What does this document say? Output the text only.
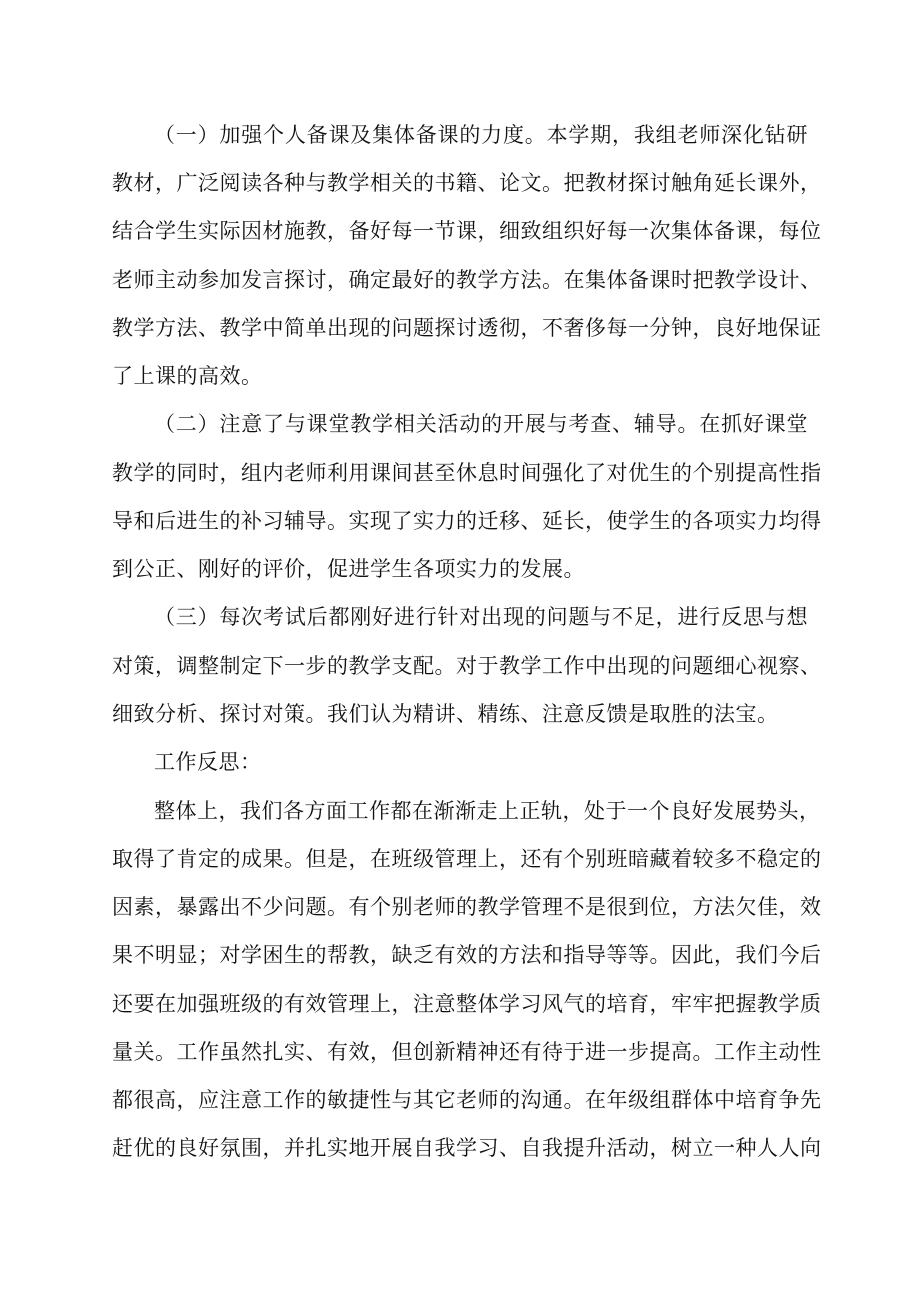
（一）加强个人备课及集体备课的力度。本学期，我组老师深化钻研
教材，广泛阅读各种与教学相关的书籍、论文。把教材探讨触角延长课外，
结合学生实际因材施教，备好每一节课，细致组织好每一次集体备课，每位
老师主动参加发言探讨，确定最好的教学方法。在集体备课时把教学设计、
教学方法、教学中简单出现的问题探讨透彻，不奢侈每一分钟，良好地保证
了上课的高效。
（二）注意了与课堂教学相关活动的开展与考查、辅导。在抓好课堂
教学的同时，组内老师利用课间甚至休息时间强化了对优生的个别提高性指
导和后进生的补习辅导。实现了实力的迁移、延长，使学生的各项实力均得
到公正、刚好的评价，促进学生各项实力的发展。
（三）每次考试后都刚好进行针对出现的问题与不足，进行反思与想
对策，调整制定下一步的教学支配。对于教学工作中出现的问题细心视察、
细致分析、探讨对策。我们认为精讲、精练、注意反馈是取胜的法宝。
工作反思：
整体上，我们各方面工作都在渐渐走上正轨，处于一个良好发展势头，
取得了肯定的成果。但是，在班级管理上，还有个别班暗藏着较多不稳定的
因素，暴露出不少问题。有个别老师的教学管理不是很到位，方法欠佳，效
果不明显；对学困生的帮教，缺乏有效的方法和指导等等。因此，我们今后
还要在加强班级的有效管理上，注意整体学习风气的培育，牢牢把握教学质
量关。工作虽然扎实、有效，但创新精神还有待于进一步提高。工作主动性
都很高，应注意工作的敏捷性与其它老师的沟通。在年级组群体中培育争先
赶优的良好氛围，并扎实地开展自我学习、自我提升活动，树立一种人人向
